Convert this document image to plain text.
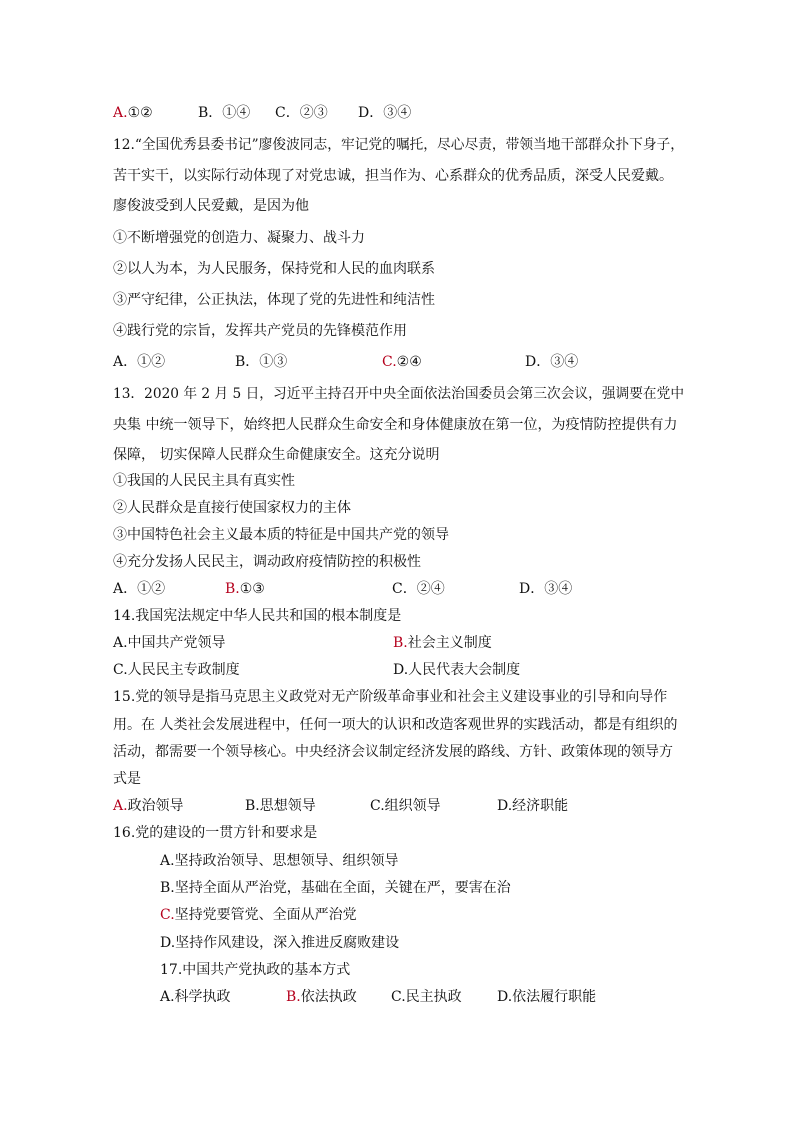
A.①②	B．①④ C．②③ D．③④
12.“全国优秀县委书记”廖俊波同志，牢记党的嘱托，尽心尽责，带领当地干部群众扑下身子，
苦干实干，以实际行动体现了对党忠诚，担当作为、心系群众的优秀品质，深受人民爱戴。
廖俊波受到人民爱戴，是因为他
①不断增强党的创造力、凝聚力、战斗力
②以人为本，为人民服务，保持党和人民的血肉联系
③严守纪律，公正执法，体现了党的先进性和纯洁性
④践行党的宗旨，发挥共产党员的先锋模范作用
A．①②	B．①③	C.②④	D．③④
13．2020 年 2 月 5 日，习近平主持召开中央全面依法治国委员会第三次会议，强调要在党中
央集 中统一领导下，始终把人民群众生命安全和身体健康放在第一位，为疫情防控提供有力
保障， 切实保障人民群众生命健康安全。这充分说明
①我国的人民民主具有真实性
②人民群众是直接行使国家权力的主体
③中国特色社会主义最本质的特征是中国共产党的领导
④充分发扬人民民主，调动政府疫情防控的积极性
A．①②	B.①③	C．②④	D．③④
14.我国宪法规定中华人民共和国的根本制度是
A.中国共产党领导	B.社会主义制度
C.人民民主专政制度	D.人民代表大会制度
15.党的领导是指马克思主义政党对无产阶级革命事业和社会主义建设事业的引导和向导作
用。在 人类社会发展进程中，任何一项大的认识和改造客观世界的实践活动，都是有组织的
活动，都需要一个领导核心。中央经济会议制定经济发展的路线、方针、政策体现的领导方
式是
A.政治领导	B.思想领导	C.组织领导	D.经济职能
16.党的建设的一贯方针和要求是
A.坚持政治领导、思想领导、组织领导
B.坚持全面从严治党，基础在全面，关键在严，要害在治
C.坚持党要管党、全面从严治党
D.坚持作风建设，深入推进反腐败建设
17.中国共产党执政的基本方式
A.科学执政	B.依法执政 C.民主执政	D.依法履行职能
